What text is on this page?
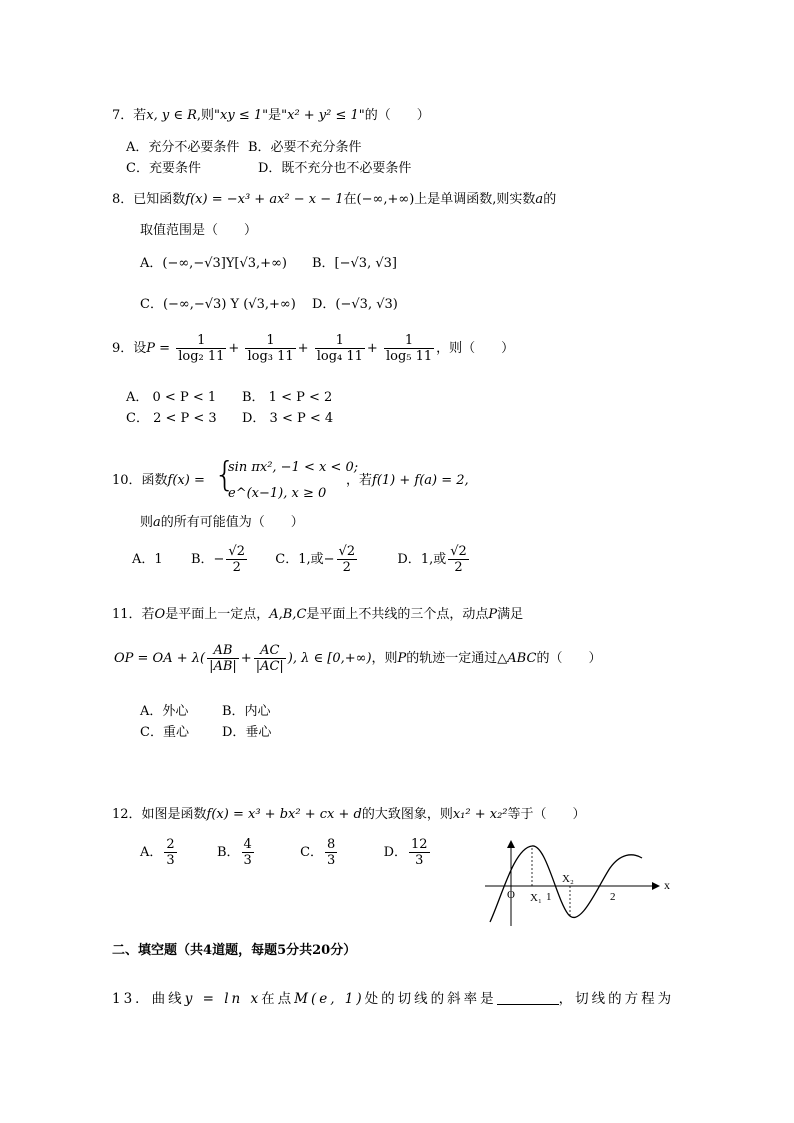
7．若x, y ∈ R,则"xy ≤ 1"是"x² + y² ≤ 1"的（　　）
A．充分不必要条件 B．必要不充分条件
C．充要条件	D．既不充分也不必要条件
8．已知函数f(x) = −x³ + ax² − x − 1在(−∞,+∞)上是单调函数,则实数a的
取值范围是（　　）
A．(−∞,−√3]Y[√3,+∞) B．[−√3, √3]
C．(−∞,−√3) Y (√3,+∞) D．(−√3, √3)
9．设$P = \frac{1}{\text{log₂ 11}} + \frac{1}{\text{log₃ 11}} + \frac{1}{\text{log₄ 11}} + \frac{1}{\text{log₅ 11}}$ ，则（　　）
A． 0 < P < 1 B． 1 < P < 2
C． 2 < P < 3 D． 3 < P < 4
10．函数f(x) = {
sin πx², −1 < x < 0;
e^(x−1), x ≥ 0
，若f(1) + f(a) = 2,
则a的所有可能值为（　　）
A．1 B．− $\frac{√2}{2}$ C．1,或− $\frac{√2}{2}$	D．1,或 $\frac{√2}{2}$
11．若O是平面上一定点，A,B,C是平面上不共线的三个点，动点P满足
OP = OA + $\lambda( \frac{AB}{|AB|} + \frac{AC}{|AC|}$ ), λ ∈ [0,+∞)，则P的轨迹一定通过△ABC的（　　）
A．外心	B．内心
C．重心	D．垂心
12．如图是函数f(x) = x³ + bx² + cx + d的大致图象，则x₁² + x₂²等于（　　）
A． $\frac{2}{3}$	B． $\frac{4}{3}$	C． $\frac{8}{3}$	D． $\frac{12}{3}$
x
O X₁ 1
X₂
2
二、填空题（共4道题，每题5分共20分）
13．曲线y = ln x在点M(e, 1)处的切线的斜率是	，切线的方程为
